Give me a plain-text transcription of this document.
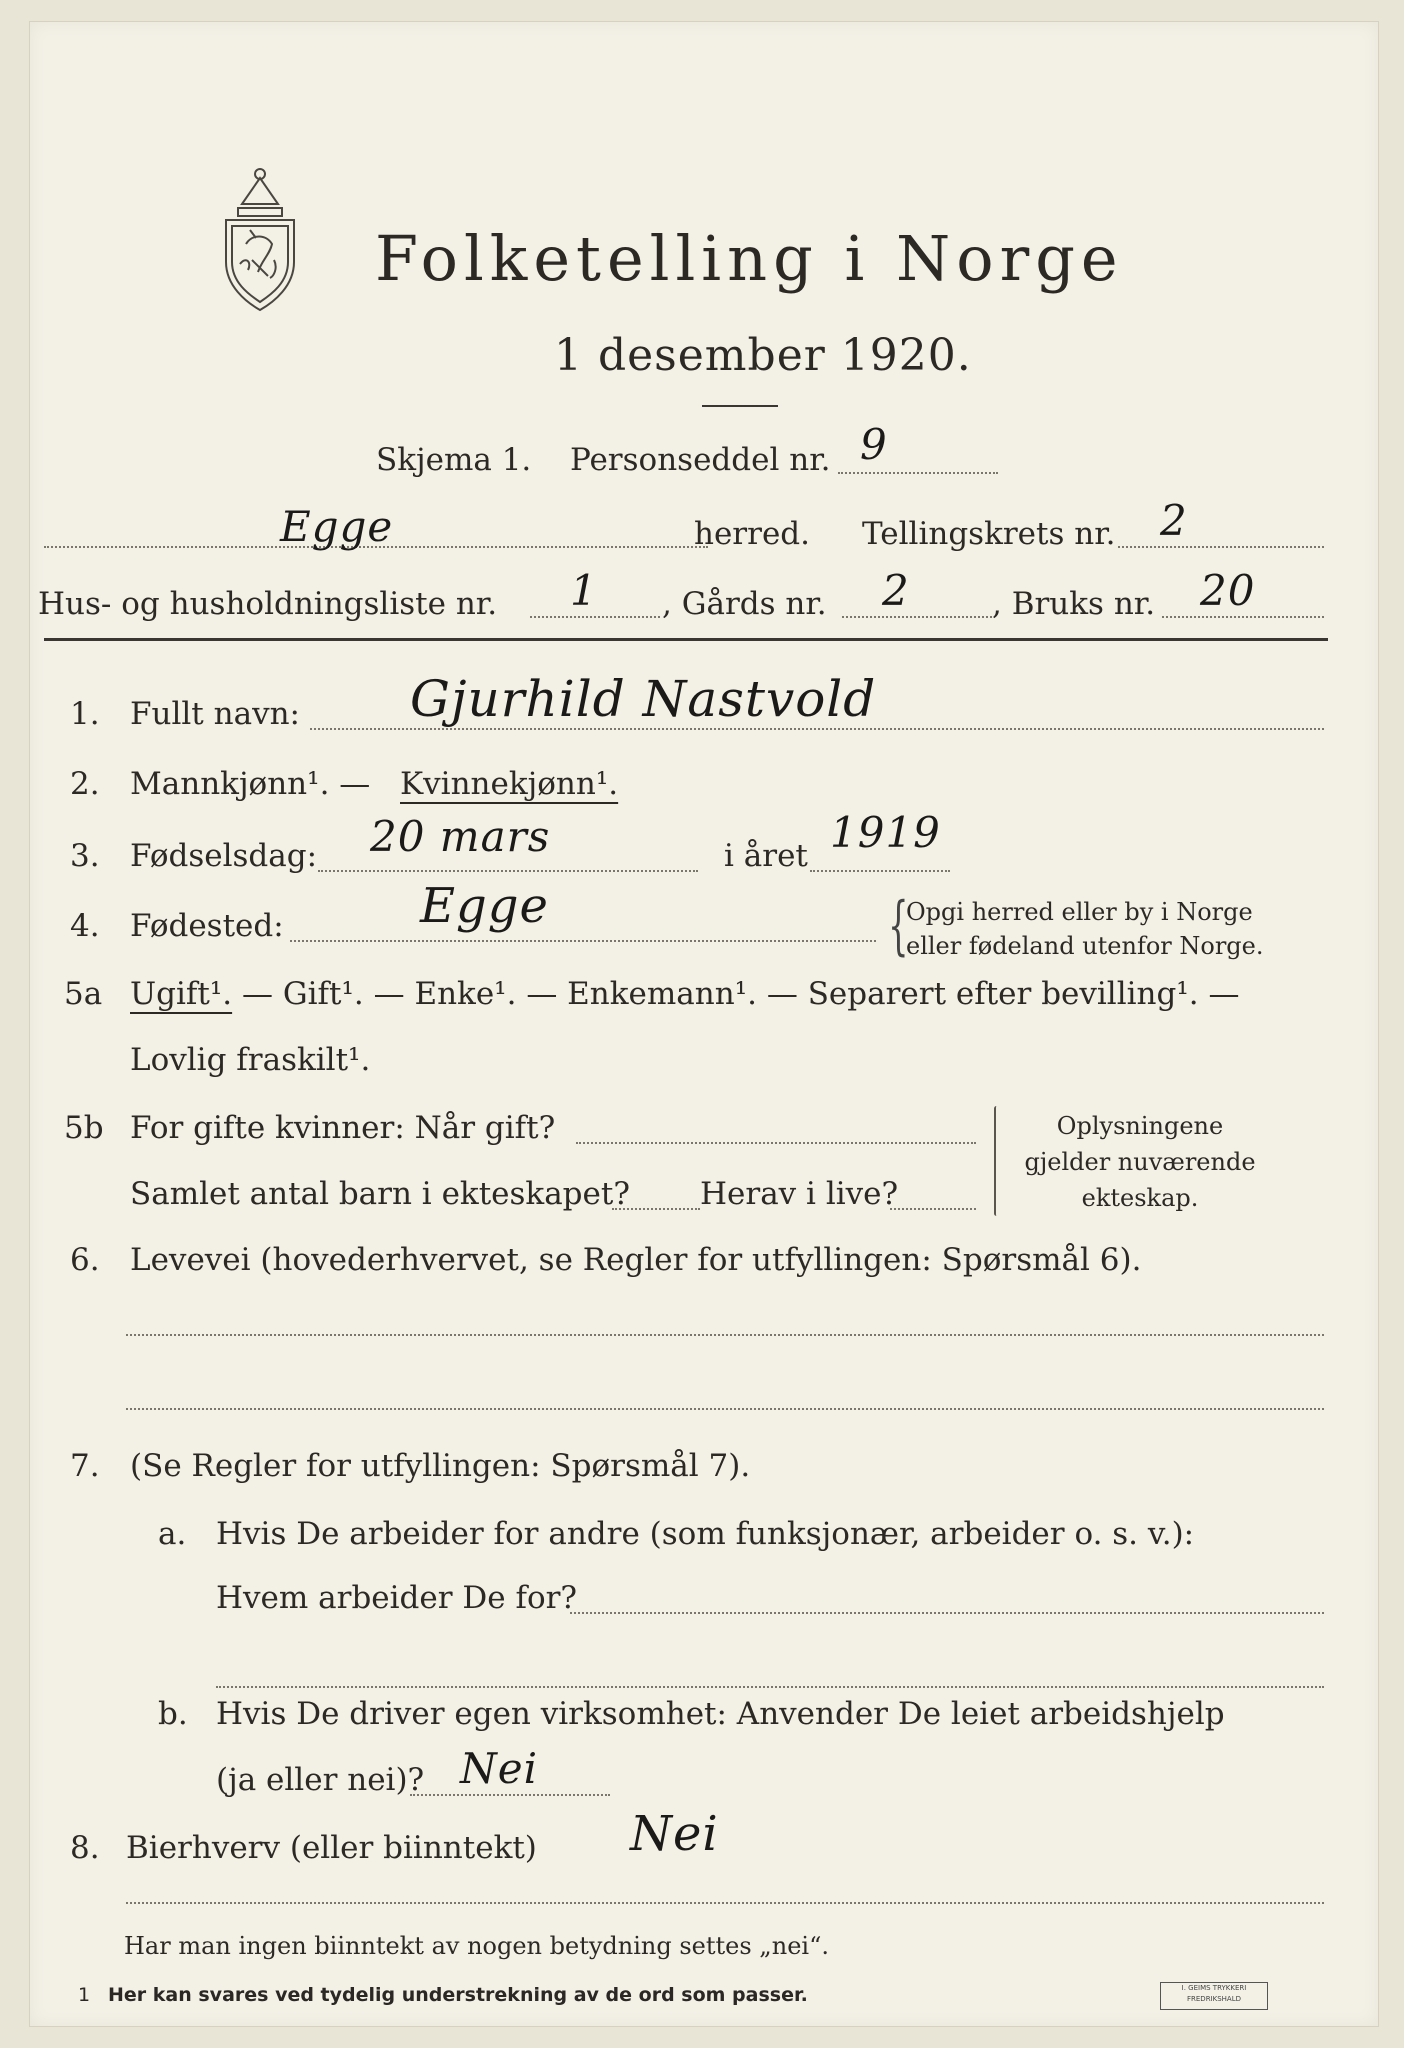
Folketelling i Norge
1 desember 1920.
Skjema 1. Personseddel nr. 9
Egge	herred. Tellingskrets nr. 2
Hus- og husholdningsliste nr. 1 , Gårds nr. 2	, Bruks nr. 20
1. Fullt navn: Gjurhild Nastvold
2. Mannkjønn¹. — Kvinnekjønn¹.
3. Fødselsdag: 20 mars	i året 1919
4. Fødested:	Egge	{
Opgi herred eller by i Norge
eller fødeland utenfor Norge.
5a Ugift¹. — Gift¹. — Enke¹. — Enkemann¹. — Separert efter bevilling¹. —
Lovlig fraskilt¹.
5b For gifte kvinner: Når gift?
Samlet antal barn i ekteskapet? Herav i live?
Oplysningene
gjelder nuværende
ekteskap.
6. Levevei (hovederhvervet, se Regler for utfyllingen: Spørsmål 6).
7. (Se Regler for utfyllingen: Spørsmål 7).
a. Hvis De arbeider for andre (som funksjonær, arbeider o. s. v.):
Hvem arbeider De for?
b. Hvis De driver egen virksomhet: Anvender De leiet arbeidshjelp
(ja eller nei)? Nei
8. Bierhverv (eller biinntekt) Nei
Har man ingen biinntekt av nogen betydning settes „nei“.
1 Her kan svares ved tydelig understrekning av de ord som passer.	I. GEIMS TRYKKERI
FREDRIKSHALD
